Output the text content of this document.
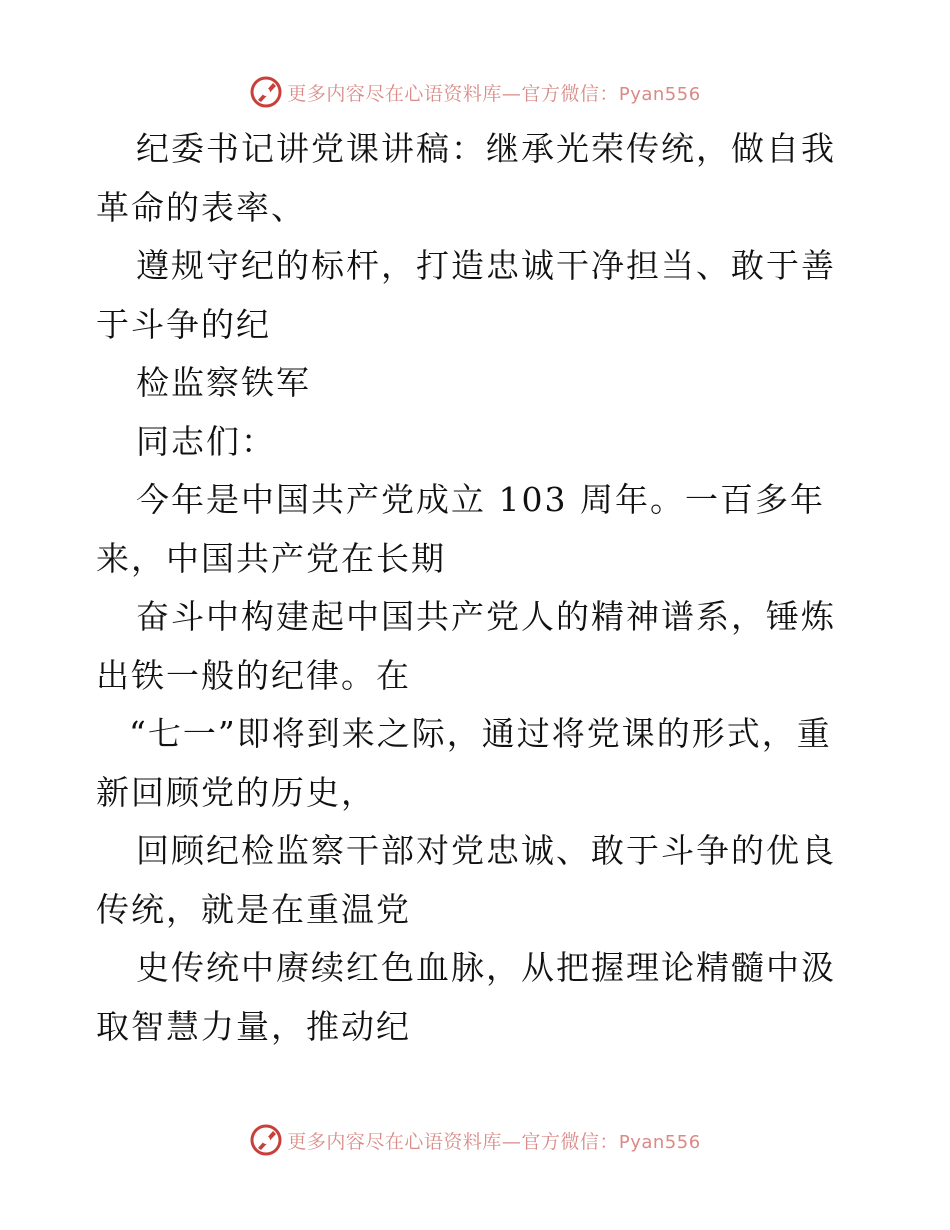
更多内容尽在心语资料库—官方微信：Pyan556

纪委书记讲党课讲稿：继承光荣传统，做自我革命的表率、

遵规守纪的标杆，打造忠诚干净担当、敢于善于斗争的纪

检监察铁军

同志们：

今年是中国共产党成立 103 周年。一百多年 来，中国共产党在长期

奋斗中构建起中国共产党人的精神谱系，锤炼出铁一般的纪律。在

“七一”即将到来之际，通过将党课的形式，重新回顾党的历史，

回顾纪检监察干部对党忠诚、敢于斗争的优良传统，就是在重温党

史传统中赓续红色血脉，从把握理论精髓中汲取智慧力量，推动纪

更多内容尽在心语资料库—官方微信：Pyan556
